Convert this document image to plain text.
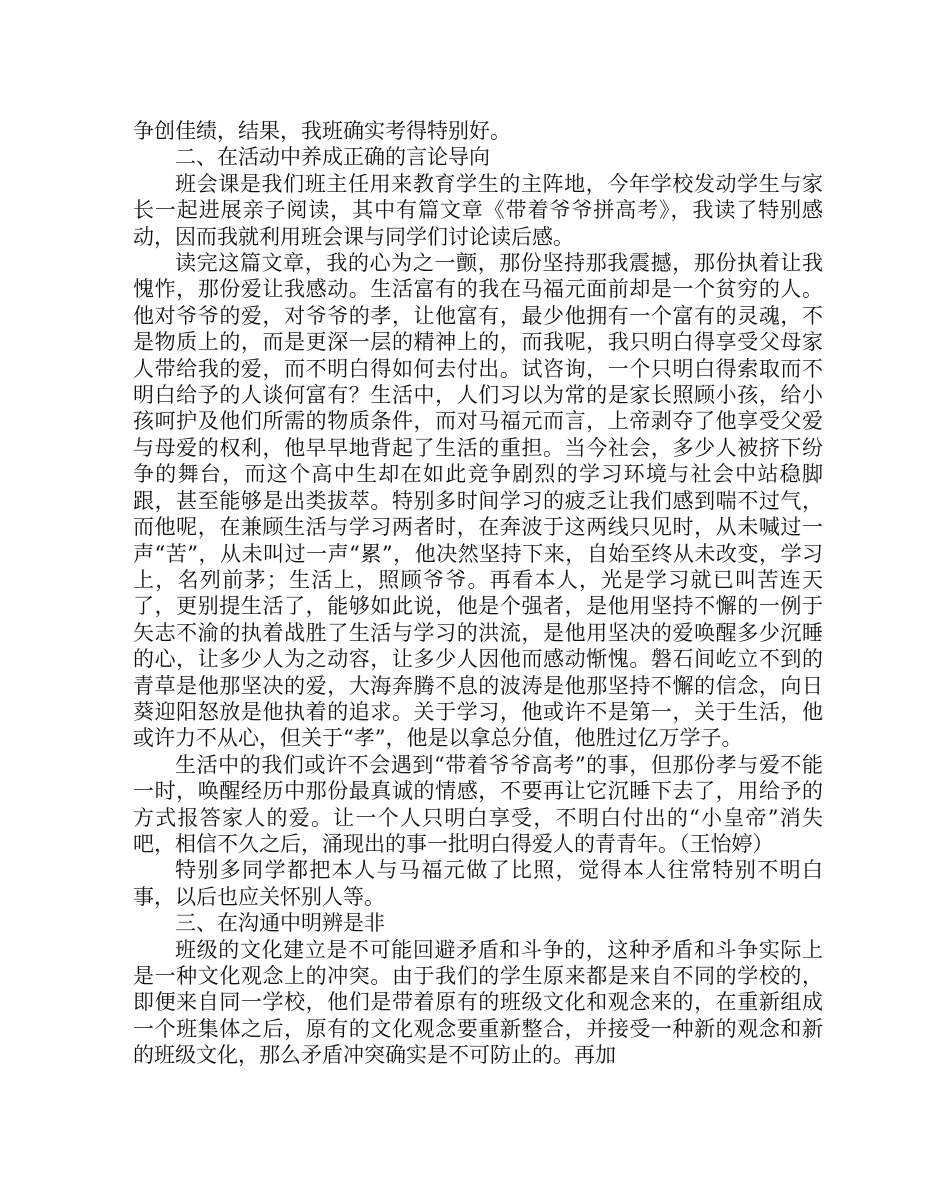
争创佳绩，结果，我班确实考得特别好。

二、在活动中养成正确的言论导向

班会课是我们班主任用来教育学生的主阵地，今年学校发动学生与家长一起进展亲子阅读，其中有篇文章《带着爷爷拼高考》，我读了特别感动，因而我就利用班会课与同学们讨论读后感。

读完这篇文章，我的心为之一颤，那份坚持那我震撼，那份执着让我愧怍，那份爱让我感动。生活富有的我在马福元面前却是一个贫穷的人。他对爷爷的爱，对爷爷的孝，让他富有，最少他拥有一个富有的灵魂，不是物质上的，而是更深一层的精神上的，而我呢，我只明白得享受父母家人带给我的爱，而不明白得如何去付出。试咨询，一个只明白得索取而不明白给予的人谈何富有？生活中，人们习以为常的是家长照顾小孩，给小孩呵护及他们所需的物质条件，而对马福元而言，上帝剥夺了他享受父爱与母爱的权利，他早早地背起了生活的重担。当今社会，多少人被挤下纷争的舞台，而这个高中生却在如此竞争剧烈的学习环境与社会中站稳脚跟，甚至能够是出类拔萃。特别多时间学习的疲乏让我们感到喘不过气，而他呢，在兼顾生活与学习两者时，在奔波于这两线只见时，从未喊过一声“苦”，从未叫过一声“累”，他决然坚持下来，自始至终从未改变，学习上，名列前茅；生活上，照顾爷爷。再看本人，光是学习就已叫苦连天了，更别提生活了，能够如此说，他是个强者，是他用坚持不懈的一例于矢志不渝的执着战胜了生活与学习的洪流，是他用坚决的爱唤醒多少沉睡的心，让多少人为之动容，让多少人因他而感动惭愧。磐石间屹立不到的青草是他那坚决的爱，大海奔腾不息的波涛是他那坚持不懈的信念，向日葵迎阳怒放是他执着的追求。关于学习，他或许不是第一，关于生活，他或许力不从心，但关于“孝”，他是以拿总分值，他胜过亿万学子。

生活中的我们或许不会遇到“带着爷爷高考”的事，但那份孝与爱不能一时，唤醒经历中那份最真诚的情感，不要再让它沉睡下去了，用给予的方式报答家人的爱。让一个人只明白享受，不明白付出的“小皇帝”消失吧，相信不久之后，涌现出的事一批明白得爱人的青青年。（王怡婷）

特别多同学都把本人与马福元做了比照，觉得本人往常特别不明白事，以后也应关怀别人等。

三、在沟通中明辨是非

班级的文化建立是不可能回避矛盾和斗争的，这种矛盾和斗争实际上是一种文化观念上的冲突。由于我们的学生原来都是来自不同的学校的，即便来自同一学校，他们是带着原有的班级文化和观念来的，在重新组成一个班集体之后，原有的文化观念要重新整合，并接受一种新的观念和新的班级文化，那么矛盾冲突确实是不可防止的。再加
